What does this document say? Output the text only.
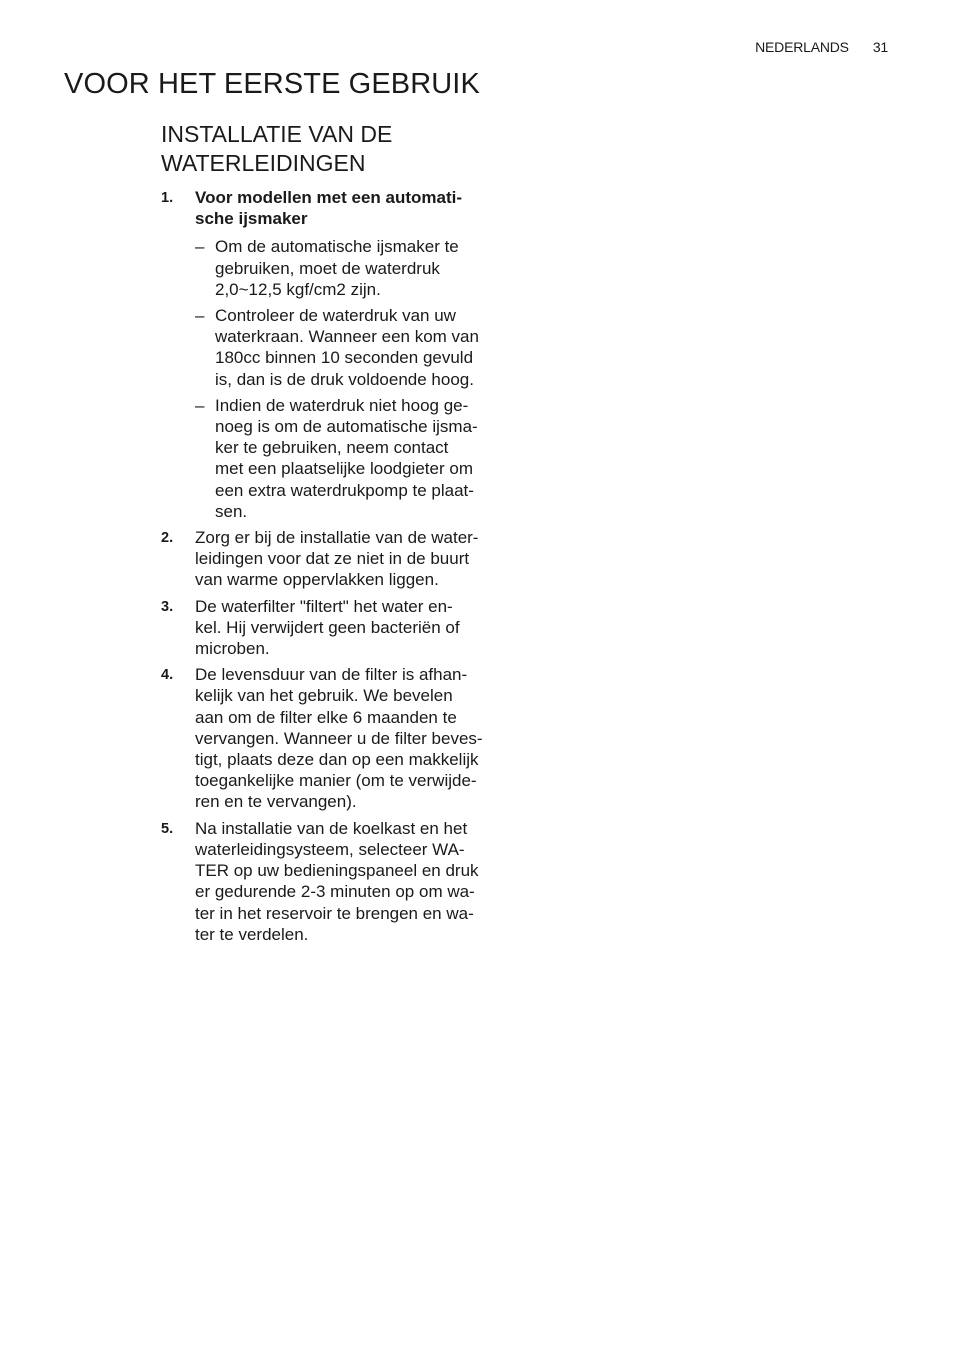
NEDERLANDS 31
VOOR HET EERSTE GEBRUIK
INSTALLATIE VAN DE
WATERLEIDINGEN
1. Voor modellen met een automati-
sche ijsmaker
– Om de automatische ijsmaker te
gebruiken, moet de waterdruk
2,0~12,5 kgf/cm2 zijn.
– Controleer de waterdruk van uw
waterkraan. Wanneer een kom van
180cc binnen 10 seconden gevuld
is, dan is de druk voldoende hoog.
– Indien de waterdruk niet hoog ge-
noeg is om de automatische ijsma-
ker te gebruiken, neem contact
met een plaatselijke loodgieter om
een extra waterdrukpomp te plaat-
sen.
2. Zorg er bij de installatie van de water-
leidingen voor dat ze niet in de buurt
van warme oppervlakken liggen.
3. De waterfilter "filtert" het water en-
kel. Hij verwijdert geen bacteriën of
microben.
4. De levensduur van de filter is afhan-
kelijk van het gebruik. We bevelen
aan om de filter elke 6 maanden te
vervangen. Wanneer u de filter beves-
tigt, plaats deze dan op een makkelijk
toegankelijke manier (om te verwijde-
ren en te vervangen).
5. Na installatie van de koelkast en het
waterleidingsysteem, selecteer WA-
TER op uw bedieningspaneel en druk
er gedurende 2-3 minuten op om wa-
ter in het reservoir te brengen en wa-
ter te verdelen.
